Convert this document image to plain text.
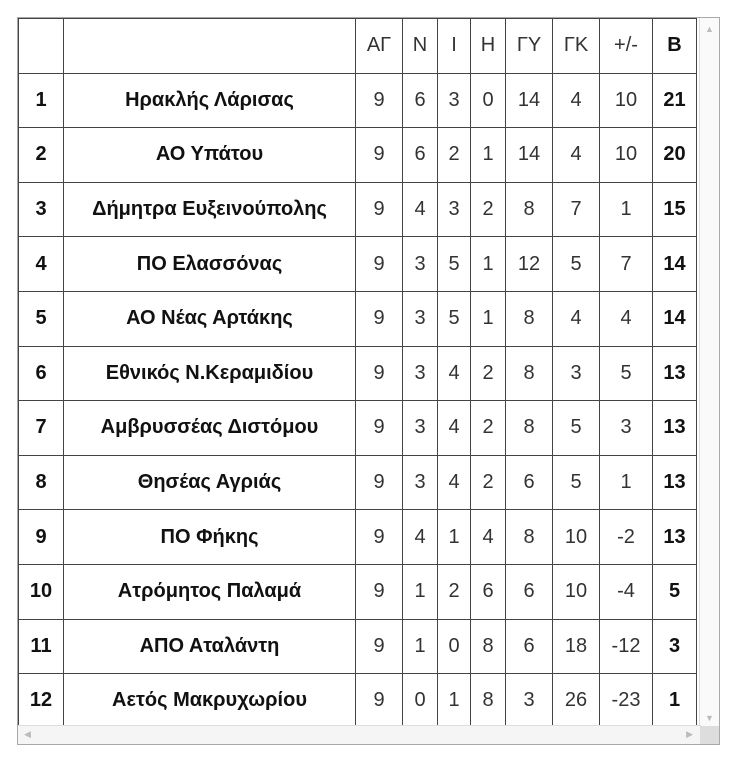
		ΑΓ	Ν	Ι	Η	ΓΥ	ΓΚ	+/-	Β
1	Ηρακλής Λάρισας	9	6	3	0	14	4	10	21
2	ΑΟ Υπάτου	9	6	2	1	14	4	10	20
3	Δήμητρα Ευξεινούπολης	9	4	3	2	8	7	1	15
4	ΠΟ Ελασσόνας	9	3	5	1	12	5	7	14
5	ΑΟ Νέας Αρτάκης	9	3	5	1	8	4	4	14
6	Εθνικός Ν.Κεραμιδίου	9	3	4	2	8	3	5	13
7	Αμβρυσσέας Διστόμου	9	3	4	2	8	5	3	13
8	Θησέας Αγριάς	9	3	4	2	6	5	1	13
9	ΠΟ Φήκης	9	4	1	4	8	10	-2	13
10	Ατρόμητος Παλαμά	9	1	2	6	6	10	-4	5
11	ΑΠΟ Αταλάντη	9	1	0	8	6	18	-12	3
12	Αετός Μακρυχωρίου	9	0	1	8	3	26	-23	1
▲
▼
◀	▶
